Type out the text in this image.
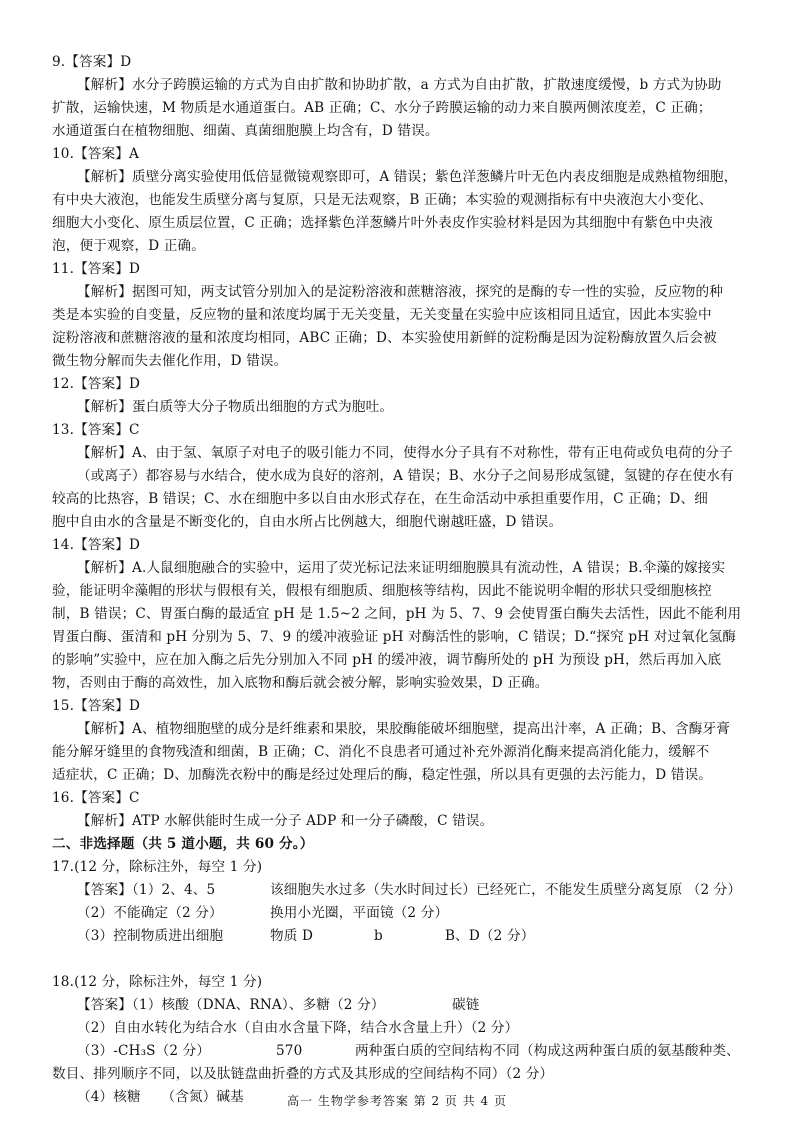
9.【答案】D
【解析】水分子跨膜运输的方式为自由扩散和协助扩散，a 方式为自由扩散，扩散速度缓慢，b 方式为协助
扩散，运输快速，M 物质是水通道蛋白。AB 正确；C、水分子跨膜运输的动力来自膜两侧浓度差，C 正确；
水通道蛋白在植物细胞、细菌、真菌细胞膜上均含有，D 错误。
10.【答案】A
【解析】质壁分离实验使用低倍显微镜观察即可，A 错误；紫色洋葱鳞片叶无色内表皮细胞是成熟植物细胞，
有中央大液泡，也能发生质壁分离与复原，只是无法观察，B 正确；本实验的观测指标有中央液泡大小变化、
细胞大小变化、原生质层位置，C 正确；选择紫色洋葱鳞片叶外表皮作实验材料是因为其细胞中有紫色中央液
泡，便于观察，D 正确。
11.【答案】D
【解析】据图可知，两支试管分别加入的是淀粉溶液和蔗糖溶液，探究的是酶的专一性的实验，反应物的种
类是本实验的自变量，反应物的量和浓度均属于无关变量，无关变量在实验中应该相同且适宜，因此本实验中
淀粉溶液和蔗糖溶液的量和浓度均相同，ABC 正确；D、本实验使用新鲜的淀粉酶是因为淀粉酶放置久后会被
微生物分解而失去催化作用，D 错误。
12.【答案】D
【解析】蛋白质等大分子物质出细胞的方式为胞吐。
13.【答案】C
【解析】A、由于氢、氧原子对电子的吸引能力不同，使得水分子具有不对称性，带有正电荷或负电荷的分子
（或离子）都容易与水结合，使水成为良好的溶剂，A 错误；B、水分子之间易形成氢键，氢键的存在使水有
较高的比热容，B 错误；C、水在细胞中多以自由水形式存在，在生命活动中承担重要作用，C 正确；D、细
胞中自由水的含量是不断变化的，自由水所占比例越大，细胞代谢越旺盛，D 错误。
14.【答案】D
【解析】A.人鼠细胞融合的实验中，运用了荧光标记法来证明细胞膜具有流动性，A 错误；B.伞藻的嫁接实
验，能证明伞藻帽的形状与假根有关，假根有细胞质、细胞核等结构，因此不能说明伞帽的形状只受细胞核控
制，B 错误；C、胃蛋白酶的最适宜 pH 是 1.5~2 之间，pH 为 5、7、9 会使胃蛋白酶失去活性，因此不能利用
胃蛋白酶、蛋清和 pH 分别为 5、7、9 的缓冲液验证 pH 对酶活性的影响，C 错误；D.“探究 pH 对过氧化氢酶
的影响”实验中，应在加入酶之后先分别加入不同 pH 的缓冲液，调节酶所处的 pH 为预设 pH，然后再加入底
物，否则由于酶的高效性，加入底物和酶后就会被分解，影响实验效果，D 正确。
15.【答案】D
【解析】A、植物细胞壁的成分是纤维素和果胶，果胶酶能破坏细胞壁，提高出汁率，A 正确；B、含酶牙膏
能分解牙缝里的食物残渣和细菌，B 正确；C、消化不良患者可通过补充外源消化酶来提高消化能力，缓解不
适症状，C 正确；D、加酶洗衣粉中的酶是经过处理后的酶，稳定性强，所以具有更强的去污能力，D 错误。
16.【答案】C
【解析】ATP 水解供能时生成一分子 ADP 和一分子磷酸，C 错误。
二、非选择题（共 5 道小题，共 60 分。）
17.(12 分，除标注外，每空 1 分)
【答案】（1）2、4、5	该细胞失水过多（失水时间过长）已经死亡，不能发生质壁分离复原 （2 分）
（2）不能确定（2 分）	换用小光圈，平面镜（2 分）
（3）控制物质进出细胞	物质 D	b	B、D（2 分）
18.(12 分，除标注外，每空 1 分)
【答案】（1）核酸（DNA、RNA）、多糖（2 分）	碳链
（2）自由水转化为结合水（自由水含量下降，结合水含量上升）（2 分）
（3）-CH₃S（2 分）	570	两种蛋白质的空间结构不同（构成这两种蛋白质的氨基酸种类、
数目、排列顺序不同，以及肽链盘曲折叠的方式及其形成的空间结构不同）（2 分）
（4）核糖　　（含氮）碱基	高一 生物学参考答案 第 2 页 共 4 页
